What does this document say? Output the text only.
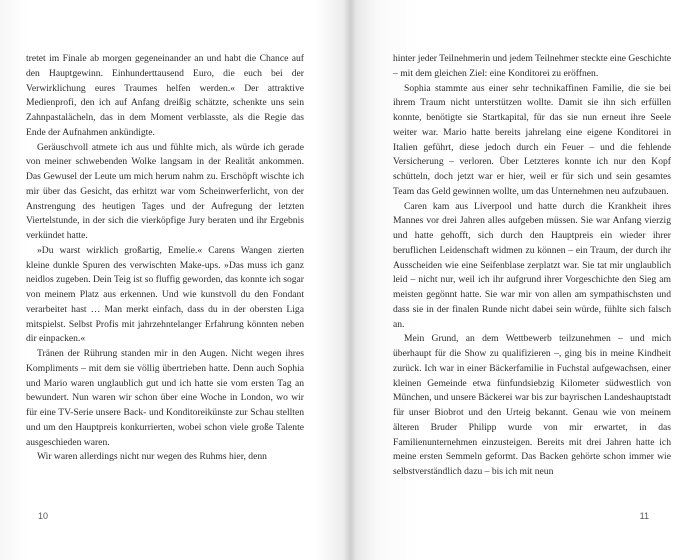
tretet im Finale ab morgen gegeneinander an und habt die Chance auf den Hauptgewinn. Einhunderttausend Euro, die euch bei der Verwirklichung eures Traumes helfen werden.« Der attraktive Medienprofi, den ich auf Anfang dreißig schätzte, schenkte uns sein Zahnpastalächeln, das in dem Moment verblasste, als die Regie das Ende der Aufnahmen ankündigte.

Geräuschvoll atmete ich aus und fühlte mich, als würde ich gerade von meiner schwebenden Wolke langsam in der Realität ankommen. Das Gewusel der Leute um mich herum nahm zu. Erschöpft wischte ich mir über das Gesicht, das erhitzt war vom Scheinwerferlicht, von der Anstrengung des heutigen Tages und der Aufregung der letzten Viertelstunde, in der sich die vierköpfige Jury beraten und ihr Ergebnis verkündet hatte.

»Du warst wirklich großartig, Emelie.« Carens Wangen zierten kleine dunkle Spuren des verwischten Make-ups. »Das muss ich ganz neidlos zugeben. Dein Teig ist so fluffig geworden, das konnte ich sogar von meinem Platz aus erkennen. Und wie kunstvoll du den Fondant verarbeitet hast … Man merkt einfach, dass du in der obersten Liga mitspielst. Selbst Profis mit jahrzehntelanger Erfahrung könnten neben dir einpacken.«

Tränen der Rührung standen mir in den Augen. Nicht wegen ihres Kompliments – mit dem sie völlig übertrieben hatte. Denn auch Sophia und Mario waren unglaublich gut und ich hatte sie vom ersten Tag an bewundert. Nun waren wir schon über eine Woche in London, wo wir für eine TV-Serie unsere Back- und Konditoreikünste zur Schau stellten und um den Hauptpreis konkurrierten, wobei schon viele große Talente ausgeschieden waren.

Wir waren allerdings nicht nur wegen des Ruhms hier, denn

10

hinter jeder Teilnehmerin und jedem Teilnehmer steckte eine Geschichte – mit dem gleichen Ziel: eine Konditorei zu eröffnen.

Sophia stammte aus einer sehr technikaffinen Familie, die sie bei ihrem Traum nicht unterstützen wollte. Damit sie ihn sich erfüllen konnte, benötigte sie Startkapital, für das sie nun erneut ihre Seele weiter war. Mario hatte bereits jahrelang eine eigene Konditorei in Italien geführt, diese jedoch durch ein Feuer – und die fehlende Versicherung – verloren. Über Letzteres konnte ich nur den Kopf schütteln, doch jetzt war er hier, weil er für sich und sein gesamtes Team das Geld gewinnen wollte, um das Unternehmen neu aufzubauen.

Caren kam aus Liverpool und hatte durch die Krankheit ihres Mannes vor drei Jahren alles aufgeben müssen. Sie war Anfang vierzig und hatte gehofft, sich durch den Hauptpreis ein wieder ihrer beruflichen Leidenschaft widmen zu können – ein Traum, der durch ihr Ausscheiden wie eine Seifenblase zerplatzt war. Sie tat mir unglaublich leid – nicht nur, weil ich ihr aufgrund ihrer Vorgeschichte den Sieg am meisten gegönnt hatte. Sie war mir von allen am sympathischsten und dass sie in der finalen Runde nicht dabei sein würde, fühlte sich falsch an.

Mein Grund, an dem Wettbewerb teilzunehmen – und mich überhaupt für die Show zu qualifizieren –, ging bis in meine Kindheit zurück. Ich war in einer Bäckerfamilie in Fuchstal aufgewachsen, einer kleinen Gemeinde etwa fünfundsiebzig Kilometer südwestlich von München, und unsere Bäckerei war bis zur bayrischen Landeshauptstadt für unser Biobrot und den Urteig bekannt. Genau wie von meinem älteren Bruder Philipp wurde von mir erwartet, in das Familienunternehmen einzusteigen. Bereits mit drei Jahren hatte ich meine ersten Semmeln geformt. Das Backen gehörte schon immer wie selbstverständlich dazu – bis ich mit neun

11
